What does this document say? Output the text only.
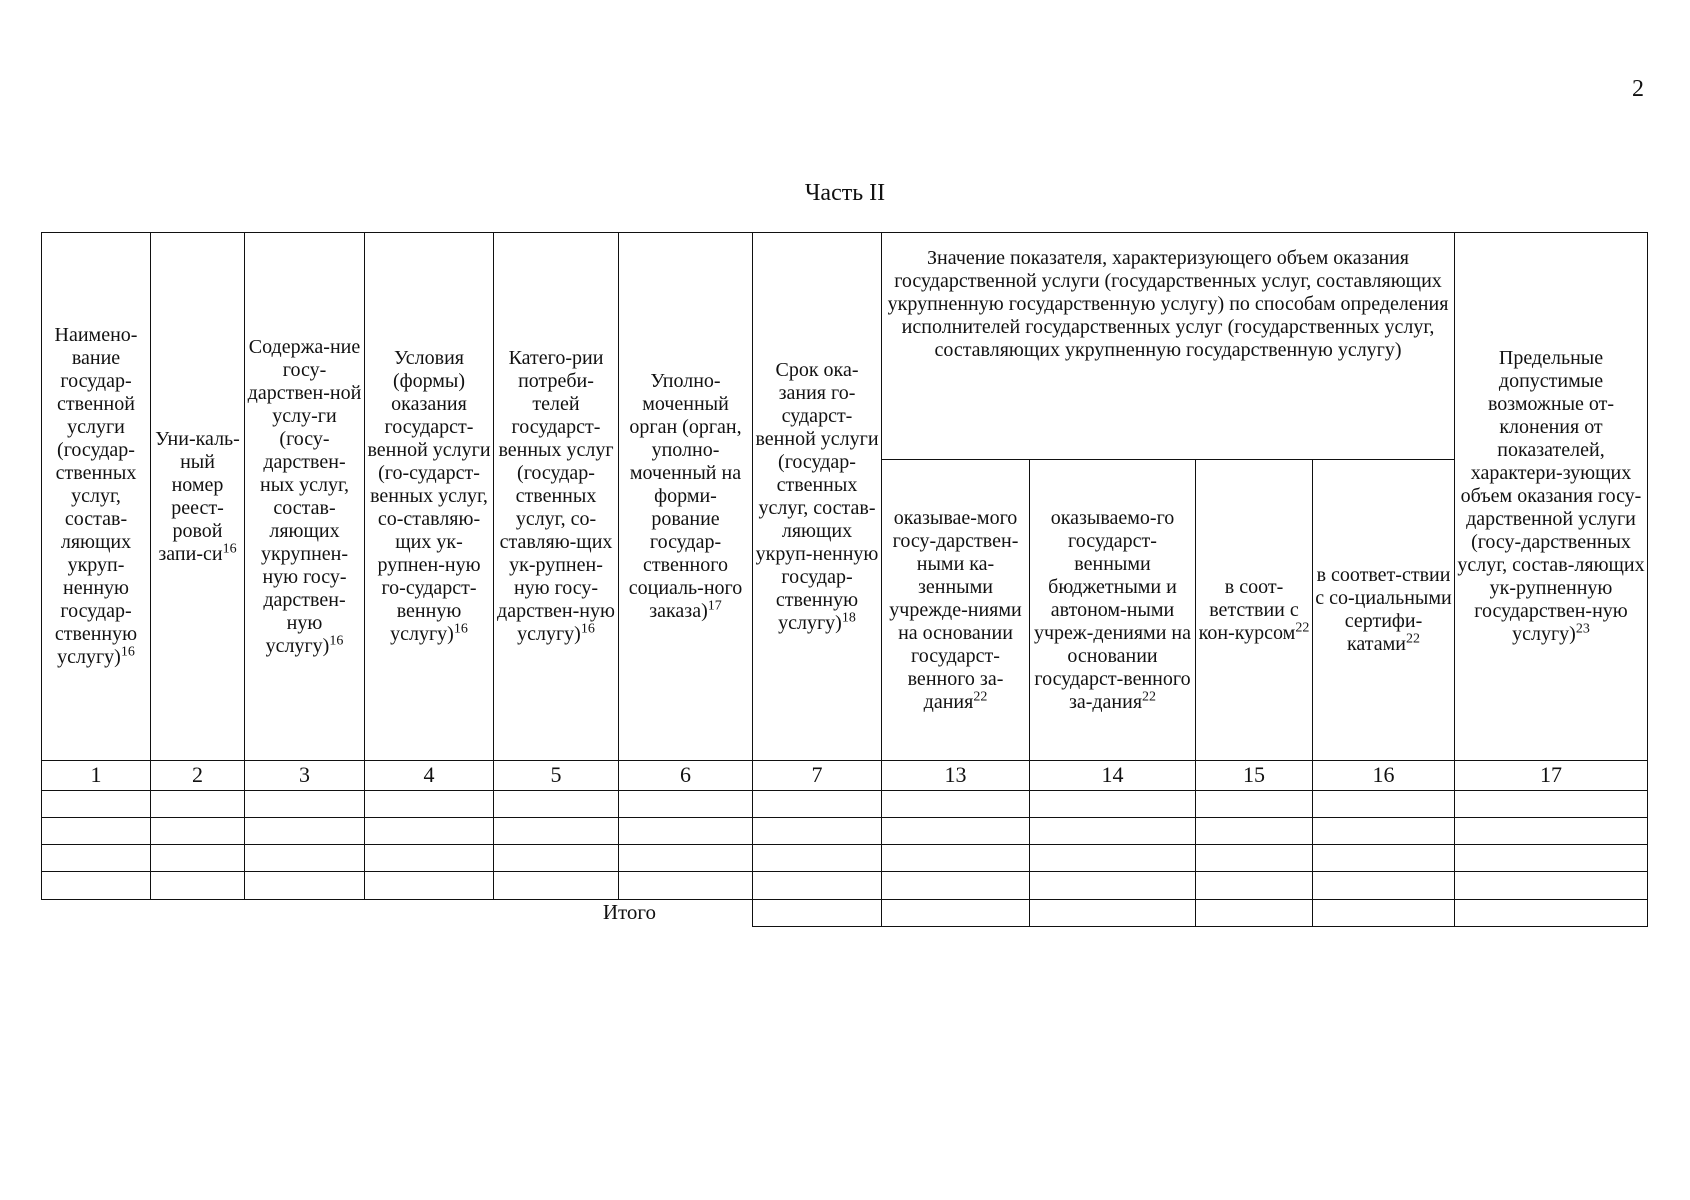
2
Часть II
Наимено-вание государ-ственной услуги (государ-ственных услуг, состав-ляющих укруп-ненную государ-ственную услугу)$^{16}$	Уни-каль-ный номер реест-ровой запи-$си^{16}$	Содержа-ние госу-дарствен-ной услу-ги (госу-дарствен-ных услуг, состав-ляющих укрупнен-ную госу-дарствен-ную услугу)$^{16}$	Условия (формы) оказания государст-венной услуги (го-сударст-венных услуг, со-ставляю-щих ук-рупнен-ную го-сударст-венную услугу)$^{16}$	Катего-рии потреби-телей государст-венных услуг (государ-ственных услуг, со-ставляю-щих ук-рупнен-ную госу-дарствен-ную услугу)$^{16}$	Уполно-моченный орган (орган, уполно-моченный на форми-рование государ-ственного социаль-ного заказа)$^{17}$	Срок ока-зания го-сударст-венной услуги (государ-ственных услуг, состав-ляющих укруп-ненную государ-ственную услугу)$^{18}$	Значение показателя, характеризующего объем оказания государственной услуги (государственных услуг, составляющих укрупненную государственную услугу) по способам определения исполнителей государственных услуг (государственных услуг, составляющих укрупненную государственную услугу)				Предельные допустимые возможные от-клонения от показателей, характери-зующих объем оказания госу-дарственной услуги (госу-дарственных услуг, состав-ляющих ук-рупненную государствен-ную услугу)$^{23}$
							оказывае-мого госу-дарствен-ными ка-зенными учрежде-ниями на основании государст-венного за-дания$^{22}$	оказываемо-го государст-венными бюджетными и автоном-ными учреж-дениями на основании государст-венного за-дания$^{22}$	в соот-ветствии с кон-курсом$^{22}$	в соответ-ствии с со-циальными сертифи-катами$^{22}$
1	2	3	4	5	6	7	13	14	15	16	17

Итого											
